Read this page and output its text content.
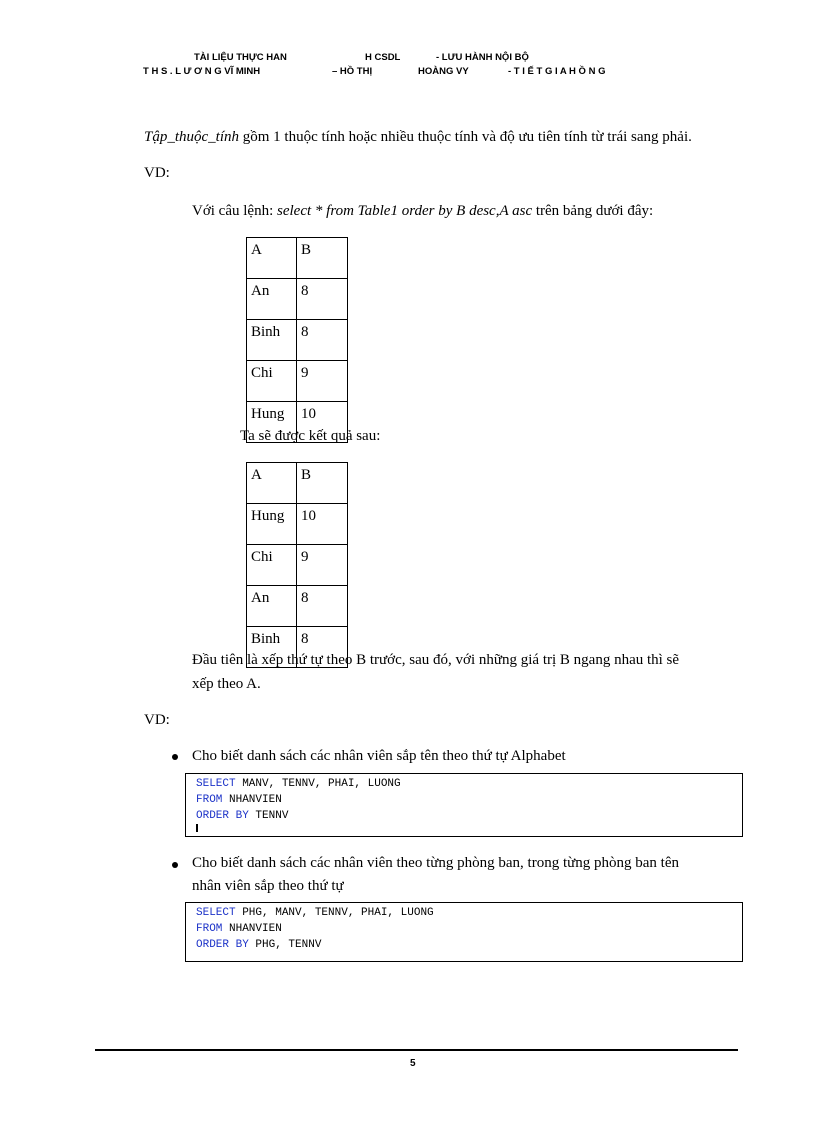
TÀI LIỆU THỰC HAN	H CSDL	- LƯU HÀNH NỘI BỘ
T H S . L Ư Ơ N G VĨ MINH	– HỒ THỊ	HOÀNG VY	- T I Ế T G I A H Ồ N G
Tập_thuộc_tính gồm 1 thuộc tính hoặc nhiều thuộc tính và độ ưu tiên tính từ trái sang phải.
VD:
Với câu lệnh: select * from Table1 order by B desc,A asc trên bảng dưới đây:
A	B
An	8
Binh	8
Chi	9
Hung	10
Ta sẽ được kết quả sau:
A	B
Hung	10
Chi	9
An	8
Binh	8
Đầu tiên là xếp thứ tự theo B trước, sau đó, với những giá trị B ngang nhau thì sẽ
xếp theo A.
VD:
Cho biết danh sách các nhân viên sắp tên theo thứ tự Alphabet
SELECT MANV, TENNV, PHAI, LUONG
FROM NHANVIEN
ORDER BY TENNV
Cho biết danh sách các nhân viên theo từng phòng ban, trong từng phòng ban tên
nhân viên sắp theo thứ tự
SELECT PHG, MANV, TENNV, PHAI, LUONG
FROM NHANVIEN
ORDER BY PHG, TENNV
5
